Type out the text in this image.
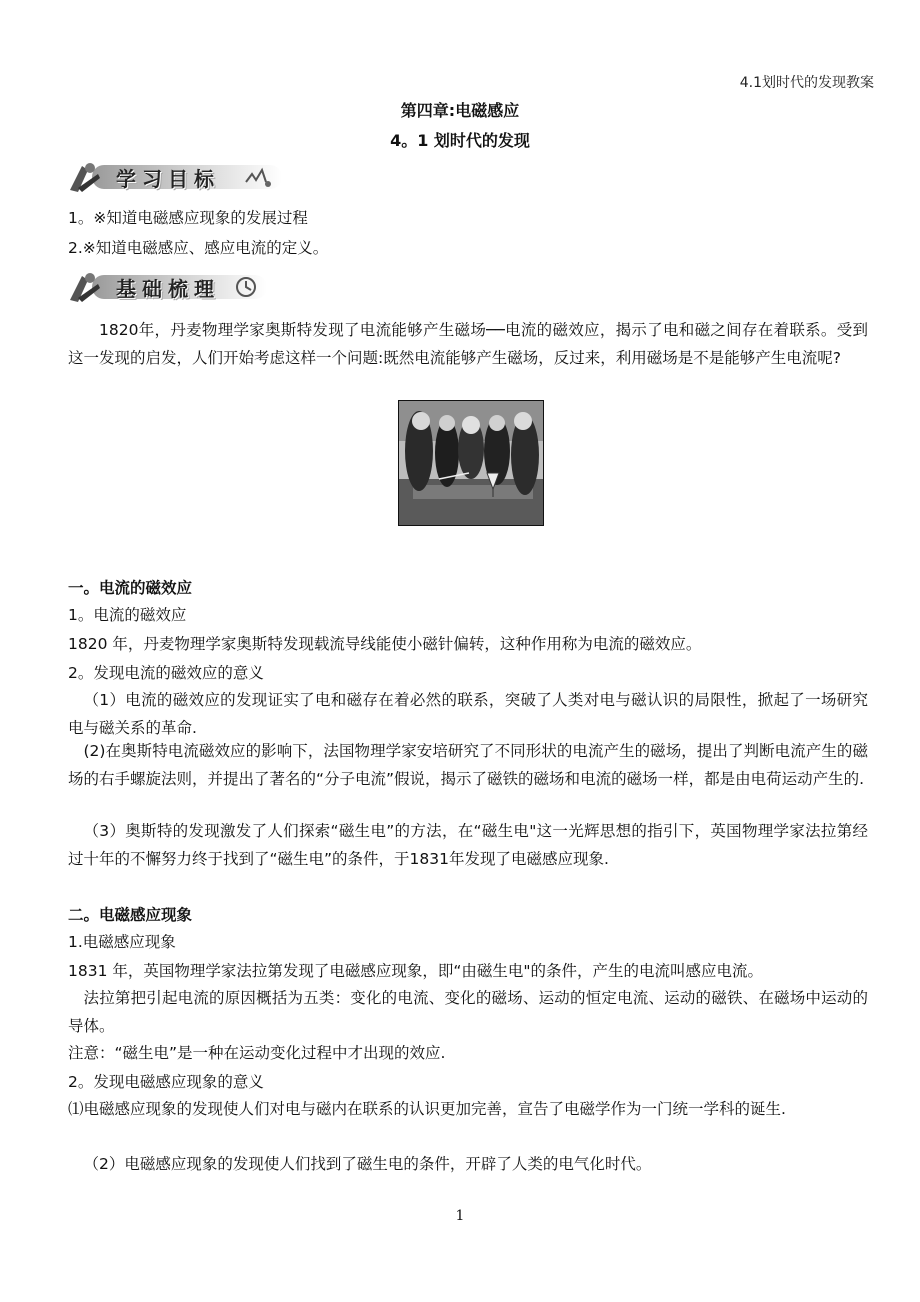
4.1划时代的发现教案
第四章:电磁感应
4。1 划时代的发现
学习目标
1。※知道电磁感应现象的发展过程
2.※知道电磁感应、感应电流的定义。
基础梳理
1820年，丹麦物理学家奥斯特发现了电流能够产生磁场──电流的磁效应，揭示了电和磁之间存在着联系。受到这一发现的启发，人们开始考虑这样一个问题:既然电流能够产生磁场，反过来，利用磁场是不是能够产生电流呢?
一。电流的磁效应
1。电流的磁效应
1820 年，丹麦物理学家奥斯特发现载流导线能使小磁针偏转，这种作用称为电流的磁效应。
2。发现电流的磁效应的意义
（1）电流的磁效应的发现证实了电和磁存在着必然的联系，突破了人类对电与磁认识的局限性，掀起了一场研究电与磁关系的革命.
(2)在奥斯特电流磁效应的影响下，法国物理学家安培研究了不同形状的电流产生的磁场，提出了判断电流产生的磁场的右手螺旋法则，并提出了著名的“分子电流”假说，揭示了磁铁的磁场和电流的磁场一样，都是由电荷运动产生的.
（3）奥斯特的发现激发了人们探索“磁生电”的方法，在“磁生电"这一光辉思想的指引下，英国物理学家法拉第经过十年的不懈努力终于找到了“磁生电”的条件，于1831年发现了电磁感应现象.
二。电磁感应现象
1.电磁感应现象
1831 年，英国物理学家法拉第发现了电磁感应现象，即“由磁生电"的条件，产生的电流叫感应电流。
法拉第把引起电流的原因概括为五类：变化的电流、变化的磁场、运动的恒定电流、运动的磁铁、在磁场中运动的导体。
注意：“磁生电”是一种在运动变化过程中才出现的效应.
2。发现电磁感应现象的意义
⑴电磁感应现象的发现使人们对电与磁内在联系的认识更加完善，宣告了电磁学作为一门统一学科的诞生.
（2）电磁感应现象的发现使人们找到了磁生电的条件，开辟了人类的电气化时代。
1
